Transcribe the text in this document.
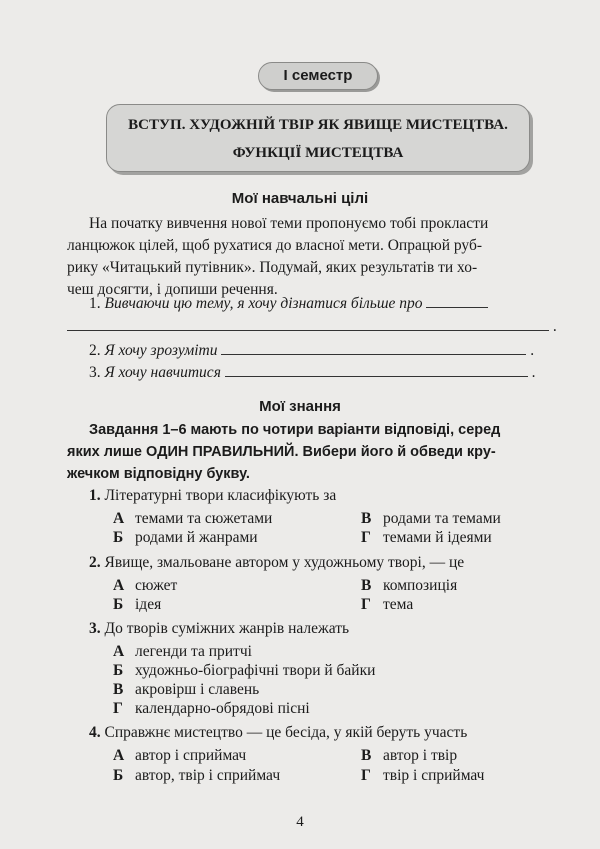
І семестр
ВСТУП. ХУДОЖНІЙ ТВІР ЯК ЯВИЩЕ МИСТЕЦТВА.
ФУНКЦІЇ МИСТЕЦТВА
Мої навчальні цілі
На початку вивчення нової теми пропонуємо тобі прокласти
ланцюжок цілей, щоб рухатися до власної мети. Опрацюй руб-
рику «Читацький путівник». Подумай, яких результатів ти хо-
чеш досягти, і допиши речення.
1. Вивчаючи цю тему, я хочу дізнатися більше про
.
2. Я хочу зрозуміти	.
3. Я хочу навчитися	.
Мої знання
Завдання 1–6 мають по чотири варіанти відповіді, серед
яких лише ОДИН ПРАВИЛЬНИЙ. Вибери його й обведи кру-
жечком відповідну букву.
1. Літературні твори класифікують за
А темами та сюжетами	В родами та темами
Б родами й жанрами	Г темами й ідеями
2. Явище, змальоване автором у художньому творі, — це
А сюжет	В композиція
Б ідея	Г тема
3. До творів суміжних жанрів належать
А легенди та притчі
Б художньо-біографічні твори й байки
В акровірш і славень
Г календарно-обрядові пісні
4. Справжнє мистецтво — це бесіда, у якій беруть участь
А автор і сприймач	В автор і твір
Б автор, твір і сприймач	Г твір і сприймач
4
